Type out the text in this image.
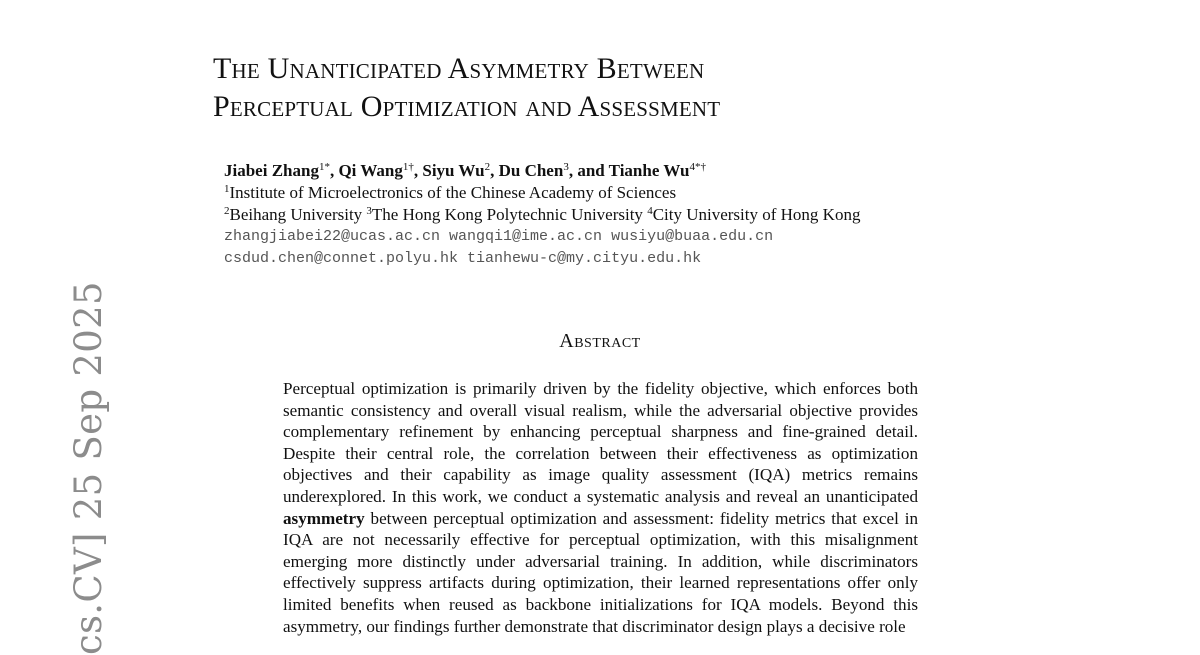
cs.CV] 25 Sep 2025
The Unanticipated Asymmetry Between
Perceptual Optimization and Assessment
Jiabei Zhang$^{1*}$, Qi Wang$^{1\dagger}$, Siyu Wu$^2$, Du Chen$^3$, and Tianhe $Wu^{4*\dagger}$
$^1$Institute of Microelectronics of the Chinese Academy of Sciences
$^2$Beihang University $^3$The Hong Kong Polytechnic University $^4$City University of Hong Kong
zhangjiabei22@ucas.ac.cn wangqi1@ime.ac.cn wusiyu@buaa.edu.cn
csdud.chen@connet.polyu.hk tianhewu-c@my.cityu.edu.hk
Abstract
Perceptual optimization is primarily driven by the fidelity objective, which enforces both semantic consistency and overall visual realism, while the adversarial objective provides complementary refinement by enhancing perceptual sharpness and fine-grained detail. Despite their central role, the correlation between their effectiveness as optimization objectives and their capability as image quality assessment (IQA) metrics remains underexplored. In this work, we conduct a systematic analysis and reveal an unanticipated asymmetry between perceptual optimization and assessment: fidelity metrics that excel in IQA are not necessarily effective for perceptual optimization, with this misalignment emerging more distinctly under adversarial training. In addition, while discriminators effectively suppress artifacts during optimization, their learned representations offer only limited benefits when reused as backbone initializations for IQA models. Beyond this asymmetry, our findings further demonstrate that discriminator design plays a decisive role
